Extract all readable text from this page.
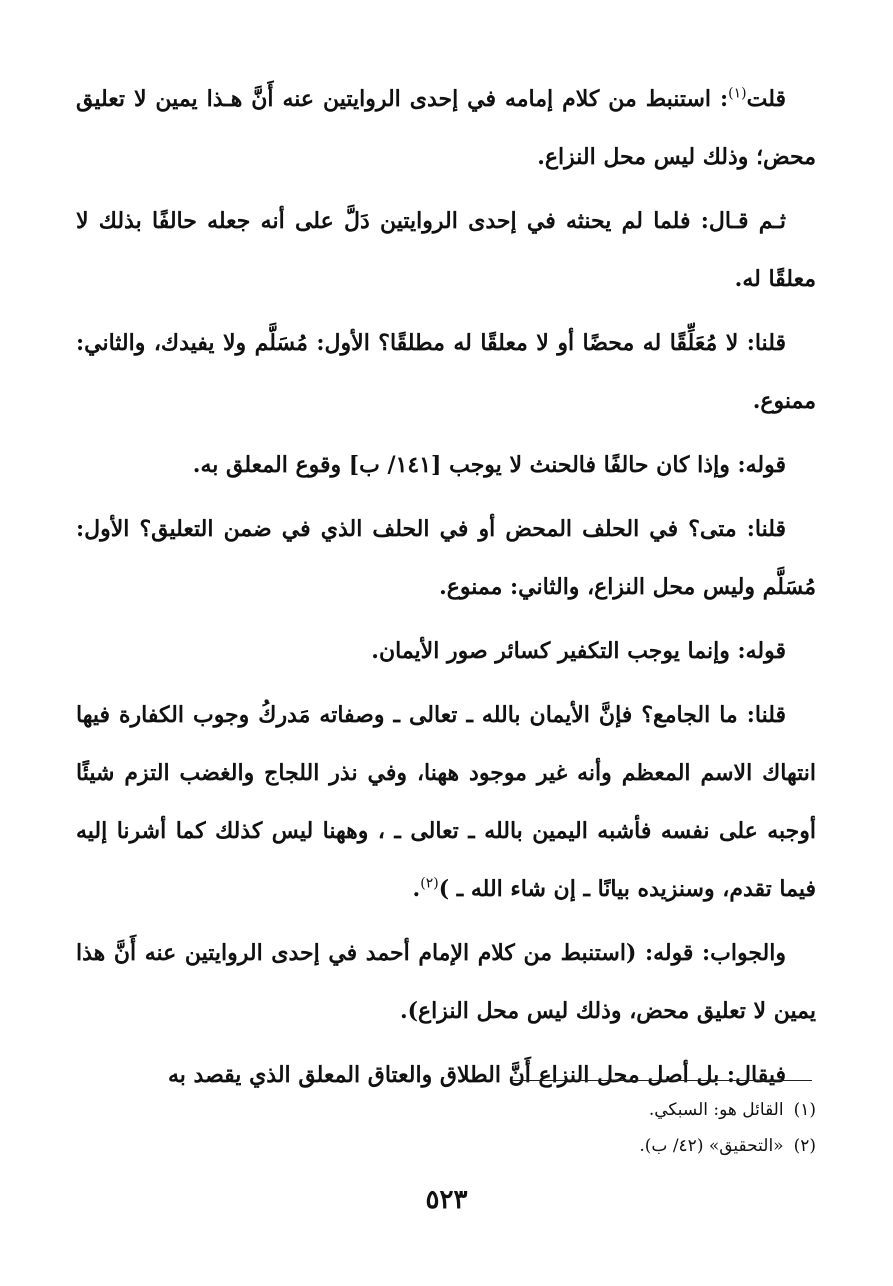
قلت$^{(١)}$: استنبط من كلام إمامه في إحدى الروايتين عنه أَنَّ هـذا يمين لا تعليق محض؛ وذلك ليس محل النزاع.

ثـم قـال: فلما لم يحنثه في إحدى الروايتين دَلَّ على أنه جعله حالفًا بذلك لا معلقًا له.

قلنا: لا مُعَلِّقًا له محضًا أو لا معلقًا له مطلقًا؟ الأول: مُسَلَّم ولا يفيدك، والثاني: ممنوع.

قوله: وإذا كان حالفًا فالحنث لا يوجب [١٤١/ ب] وقوع المعلق به.

قلنا: متى؟ في الحلف المحض أو في الحلف الذي في ضمن التعليق؟ الأول: مُسَلَّم وليس محل النزاع، والثاني: ممنوع.

قوله: وإنما يوجب التكفير كسائر صور الأيمان.

قلنا: ما الجامع؟ فإنَّ الأيمان بالله ـ تعالى ـ وصفاته مَدركُ وجوب الكفارة فيها انتهاك الاسم المعظم وأنه غير موجود ههنا، وفي نذر اللجاج والغضب التزم شيئًا أوجبه على نفسه فأشبه اليمين بالله ـ تعالى ـ ، وههنا ليس كذلك كما أشرنا إليه فيما تقدم، وسنزيده بيانًا ـ إن شاء الله ـ )$^{(٢)}$.

والجواب: قوله: (استنبط من كلام الإمام أحمد في إحدى الروايتين عنه أَنَّ هذا يمين لا تعليق محض، وذلك ليس محل النزاع).

فيقال: بل أصل محل النزاع أَنَّ الطلاق والعتاق المعلق الذي يقصد به

(١)القائل هو: السبكي.

(٢)«التحقيق» (٤٢/ ب).

٥٢٣
